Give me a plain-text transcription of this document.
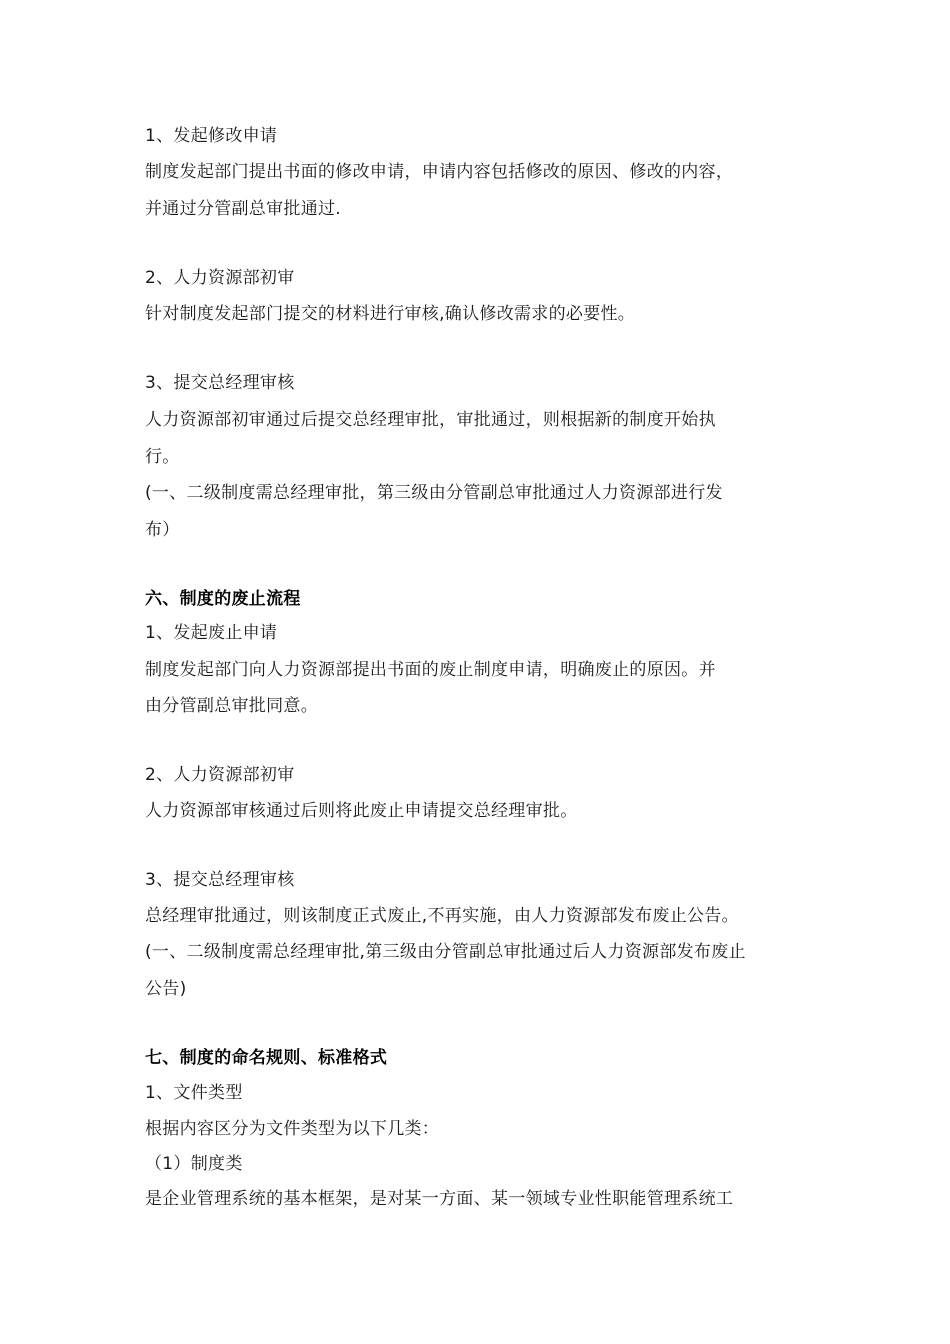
1、发起修改申请
制度发起部门提出书面的修改申请，申请内容包括修改的原因、修改的内容，
并通过分管副总审批通过.
2、人力资源部初审
针对制度发起部门提交的材料进行审核,确认修改需求的必要性。
3、提交总经理审核
人力资源部初审通过后提交总经理审批，审批通过，则根据新的制度开始执
行。
(一、二级制度需总经理审批，第三级由分管副总审批通过人力资源部进行发
布）
六、制度的废止流程
1、发起废止申请
制度发起部门向人力资源部提出书面的废止制度申请，明确废止的原因。并
由分管副总审批同意。
2、人力资源部初审
人力资源部审核通过后则将此废止申请提交总经理审批。
3、提交总经理审核
总经理审批通过，则该制度正式废止,不再实施，由人力资源部发布废止公告。
(一、二级制度需总经理审批,第三级由分管副总审批通过后人力资源部发布废止
公告)
七、制度的命名规则、标准格式
1、文件类型
根据内容区分为文件类型为以下几类：
（1）制度类
是企业管理系统的基本框架，是对某一方面、某一领域专业性职能管理系统工
